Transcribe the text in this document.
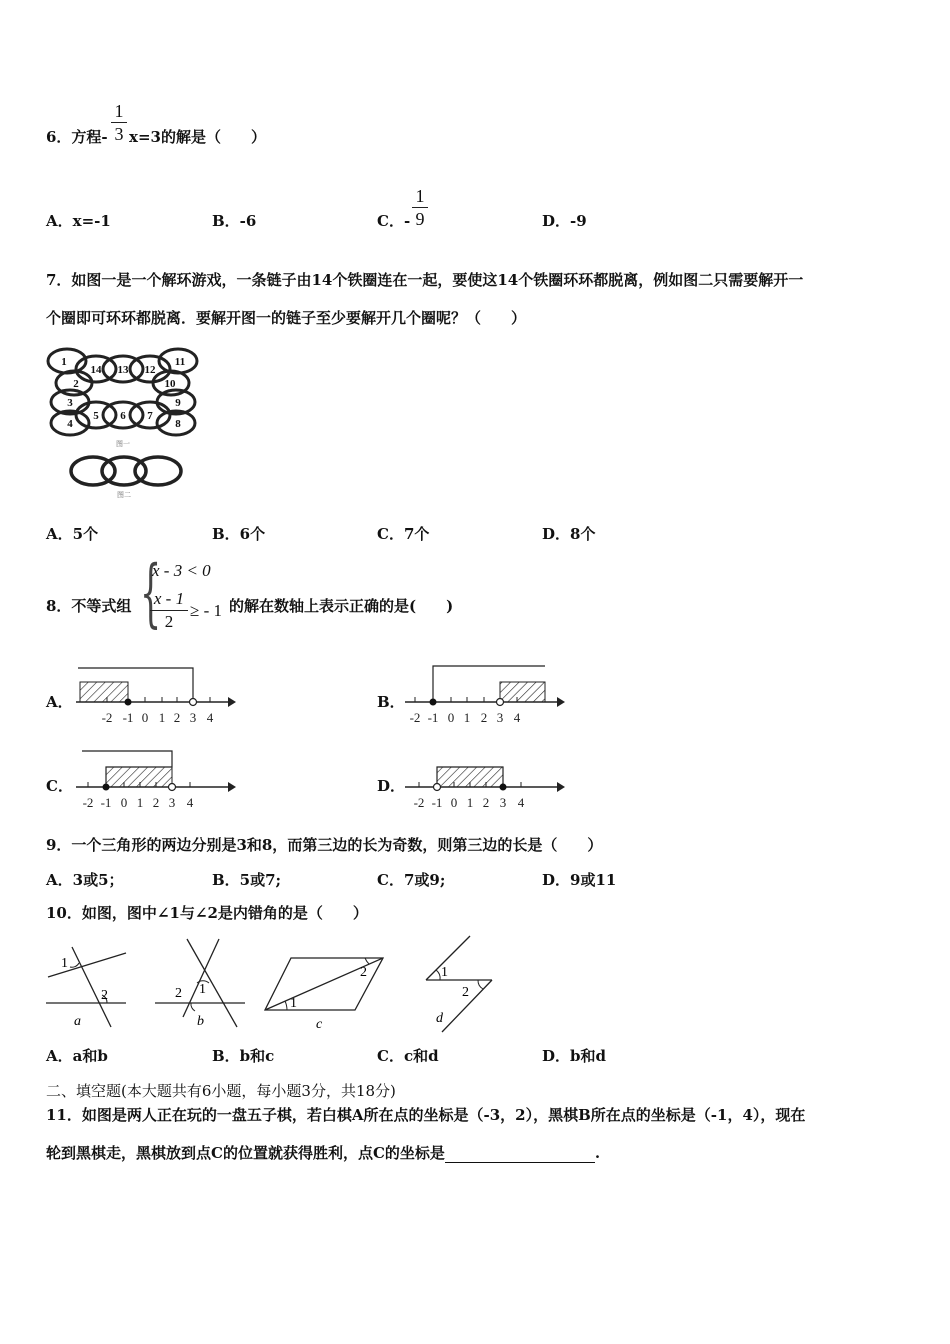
6．方程-
1
3 x=3的解是（　　）
A．x=-1	B．-6	C．-
1
9	D．-9
7．如图一是一个解环游戏，一条链子由14个铁圈连在一起，要使这14个铁圈环环都脱离，例如图二只需要解开一
个圈即可环环都脱离．要解开图一的链子至少要解开几个圈呢？（　　）
1
2
3
4
5 6 7
8
9
10
11
12
13
14
图一
图二
A．5个	B．6个	C．7个	D．8个
8．不等式组 {
x - 3 < 0
x - 1
2
≥ - 1 的解在数轴上表示正确的是(　　)
A．	B．
C．	D．
-2 -1 0 1 2 3 4	-2 -1 0 1 2 3 4
-2 -1 0 1 2 3 4	-2 -1 0 1 2 3 4
9．一个三角形的两边分别是3和8，而第三边的长为奇数，则第三边的长是（　　）
A．3或5；	B．5或7;	C．7或9;	D．9或11
10．如图，图中∠1与∠2是内错角的是（　　）
1
2
a
2 1
b
1
2
c
1
2
d
A．a和b	B．b和c	C．c和d	D．b和d
二、填空题(本大题共有6小题，每小题3分，共18分)
11．如图是两人正在玩的一盘五子棋，若白棋A所在点的坐标是（-3，2），黑棋B所在点的坐标是（-1，4），现在
轮到黑棋走，黑棋放到点C的位置就获得胜利，点C的坐标是	.
